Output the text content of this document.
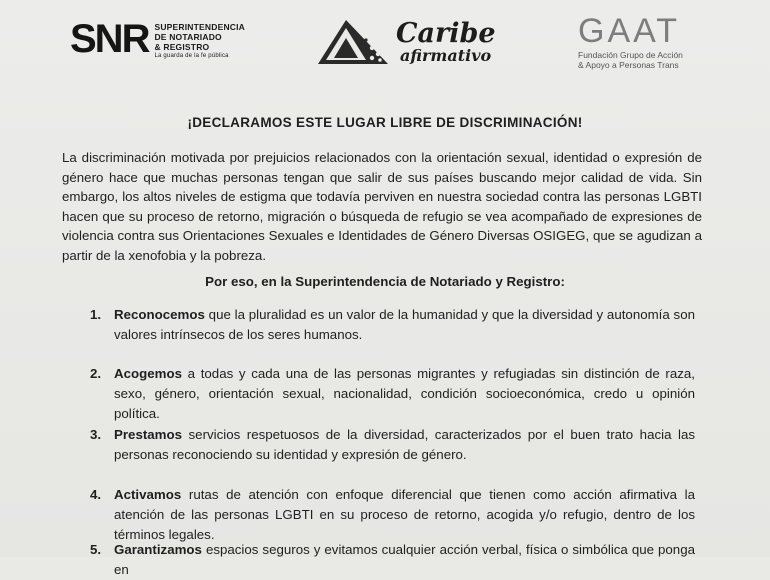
SNR SUPERINTENDENCIA
DE NOTARIADO
& REGISTRO
La guarda de la fe pública
Caribe
afirmativo
GAAT
Fundación Grupo de Acción
& Apoyo a Personas Trans
¡DECLARAMOS ESTE LUGAR LIBRE DE DISCRIMINACIÓN!
La discriminación motivada por prejuicios relacionados con la orientación sexual, identidad o expresión de género hace que muchas personas tengan que salir de sus países buscando mejor calidad de vida. Sin embargo, los altos niveles de estigma que todavía perviven en nuestra sociedad contra las personas LGBTI hacen que su proceso de retorno, migración o búsqueda de refugio se vea acompañado de expresiones de violencia contra sus Orientaciones Sexuales e Identidades de Género Diversas OSIGEG, que se agudizan a partir de la xenofobia y la pobreza.
Por eso, en la Superintendencia de Notariado y Registro:
1. Reconocemos que la pluralidad es un valor de la humanidad y que la diversidad y autonomía son valores intrínsecos de los seres humanos.
2. Acogemos a todas y cada una de las personas migrantes y refugiadas sin distinción de raza, sexo, género, orientación sexual, nacionalidad, condición socioeconómica, credo u opinión política.
3. Prestamos servicios respetuosos de la diversidad, caracterizados por el buen trato hacia las personas reconociendo su identidad y expresión de género.
4. Activamos rutas de atención con enfoque diferencial que tienen como acción afirmativa la atención de las personas LGBTI en su proceso de retorno, acogida y/o refugio, dentro de los términos legales.
5. Garantizamos espacios seguros y evitamos cualquier acción verbal, física o simbólica que ponga en
